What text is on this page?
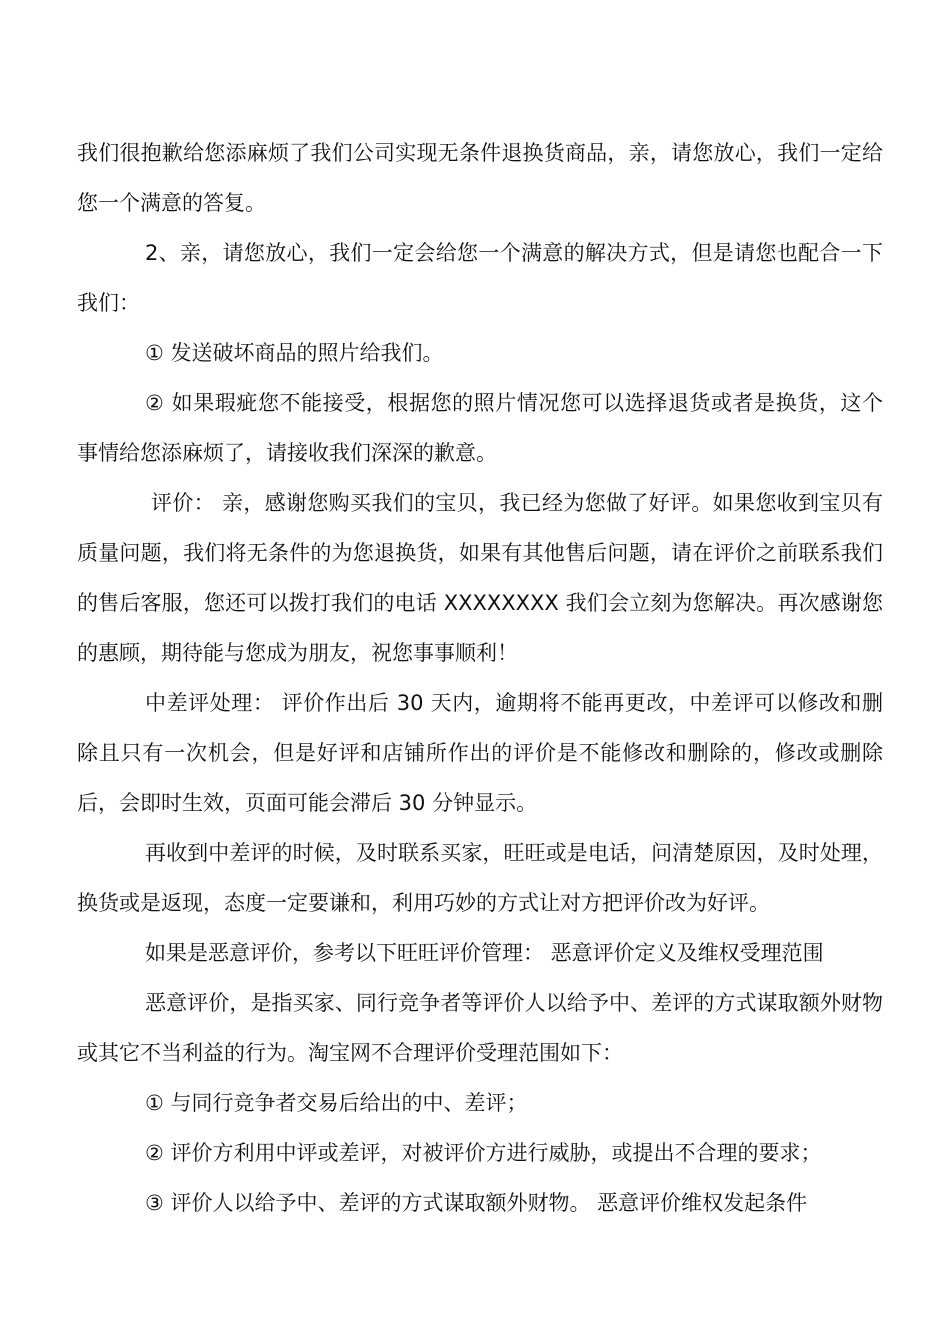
我们很抱歉给您添麻烦了我们公司实现无条件退换货商品，亲，请您放心，我们一定给您一个满意的答复。

2、亲，请您放心，我们一定会给您一个满意的解决方式，但是请您也配合一下我们：

① 发送破坏商品的照片给我们。

② 如果瑕疵您不能接受，根据您的照片情况您可以选择退货或者是换货，这个事情给您添麻烦了，请接收我们深深的歉意。

评价： 亲，感谢您购买我们的宝贝，我已经为您做了好评。如果您收到宝贝有质量问题，我们将无条件的为您退换货，如果有其他售后问题，请在评价之前联系我们的售后客服，您还可以拨打我们的电话 XXXXXXXX 我们会立刻为您解决。再次感谢您的惠顾，期待能与您成为朋友，祝您事事顺利！

中差评处理： 评价作出后 30 天内，逾期将不能再更改，中差评可以修改和删除且只有一次机会，但是好评和店铺所作出的评价是不能修改和删除的，修改或删除后，会即时生效，页面可能会滞后 30 分钟显示。

再收到中差评的时候，及时联系买家，旺旺或是电话，问清楚原因，及时处理，换货或是返现，态度一定要谦和，利用巧妙的方式让对方把评价改为好评。

如果是恶意评价，参考以下旺旺评价管理： 恶意评价定义及维权受理范围

恶意评价，是指买家、同行竞争者等评价人以给予中、差评的方式谋取额外财物或其它不当利益的行为。淘宝网不合理评价受理范围如下：

① 与同行竞争者交易后给出的中、差评；

② 评价方利用中评或差评，对被评价方进行威胁，或提出不合理的要求；

③ 评价人以给予中、差评的方式谋取额外财物。 恶意评价维权发起条件
